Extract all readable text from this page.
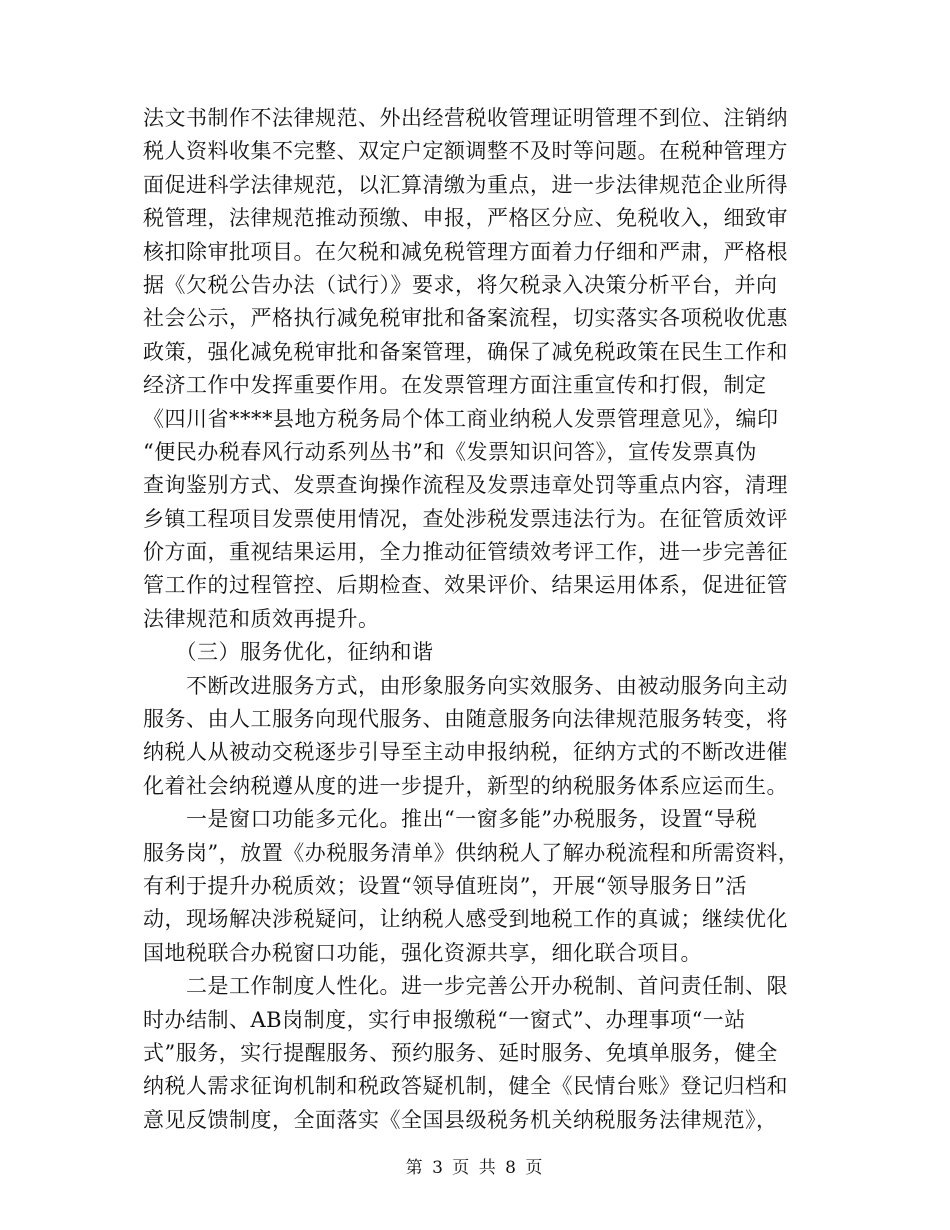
法文书制作不法律规范、外出经营税收管理证明管理不到位、注销纳
税人资料收集不完整、双定户定额调整不及时等问题。在税种管理方
面促进科学法律规范，以汇算清缴为重点，进一步法律规范企业所得
税管理，法律规范推动预缴、申报，严格区分应、免税收入，细致审
核扣除审批项目。在欠税和减免税管理方面着力仔细和严肃，严格根
据《欠税公告办法（试行）》要求，将欠税录入决策分析平台，并向
社会公示，严格执行减免税审批和备案流程，切实落实各项税收优惠
政策，强化减免税审批和备案管理，确保了减免税政策在民生工作和
经济工作中发挥重要作用。在发票管理方面注重宣传和打假，制定
《四川省****县地方税务局个体工商业纳税人发票管理意见》，编印
“便民办税春风行动系列丛书”和《发票知识问答》，宣传发票真伪
查询鉴别方式、发票查询操作流程及发票违章处罚等重点内容，清理
乡镇工程项目发票使用情况，查处涉税发票违法行为。在征管质效评
价方面，重视结果运用，全力推动征管绩效考评工作，进一步完善征
管工作的过程管控、后期检查、效果评价、结果运用体系，促进征管
法律规范和质效再提升。
　　（三）服务优化，征纳和谐
　　不断改进服务方式，由形象服务向实效服务、由被动服务向主动
服务、由人工服务向现代服务、由随意服务向法律规范服务转变，将
纳税人从被动交税逐步引导至主动申报纳税，征纳方式的不断改进催
化着社会纳税遵从度的进一步提升，新型的纳税服务体系应运而生。
　　一是窗口功能多元化。推出“一窗多能”办税服务，设置“导税
服务岗”，放置《办税服务清单》供纳税人了解办税流程和所需资料，
有利于提升办税质效；设置“领导值班岗”，开展“领导服务日”活
动，现场解决涉税疑问，让纳税人感受到地税工作的真诚；继续优化
国地税联合办税窗口功能，强化资源共享，细化联合项目。
　　二是工作制度人性化。进一步完善公开办税制、首问责任制、限
时办结制、AB岗制度，实行申报缴税“一窗式”、办理事项“一站
式”服务，实行提醒服务、预约服务、延时服务、免填单服务，健全
纳税人需求征询机制和税政答疑机制，健全《民情台账》登记归档和
意见反馈制度，全面落实《全国县级税务机关纳税服务法律规范》，
第 3 页 共 8 页
